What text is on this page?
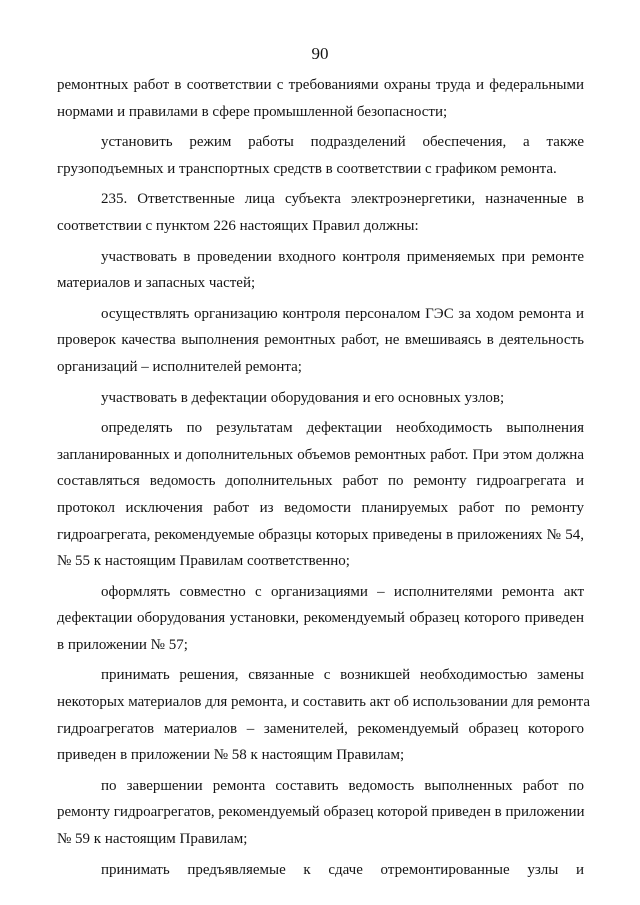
90
ремонтных работ в соответствии с требованиями охраны труда и федеральными
нормами и правилами в сфере промышленной безопасности;
установить режим работы подразделений обеспечения, а также
грузоподъемных и транспортных средств в соответствии с графиком ремонта.
235. Ответственные лица субъекта электроэнергетики, назначенные в
соответствии с пунктом 226 настоящих Правил должны:
участвовать в проведении входного контроля применяемых при ремонте
материалов и запасных частей;
осуществлять организацию контроля персоналом ГЭС за ходом ремонта и
проверок качества выполнения ремонтных работ, не вмешиваясь в деятельность
организаций – исполнителей ремонта;
участвовать в дефектации оборудования и его основных узлов;
определять по результатам дефектации необходимость выполнения
запланированных и дополнительных объемов ремонтных работ. При этом должна
составляться ведомость дополнительных работ по ремонту гидроагрегата и
протокол исключения работ из ведомости планируемых работ по ремонту
гидроагрегата, рекомендуемые образцы которых приведены в приложениях № 54,
№ 55 к настоящим Правилам соответственно;
оформлять совместно с организациями – исполнителями ремонта акт
дефектации оборудования установки, рекомендуемый образец которого приведен
в приложении № 57;
принимать решения, связанные с возникшей необходимостью замены
некоторых материалов для ремонта, и составить акт об использовании для ремонта
гидроагрегатов материалов – заменителей, рекомендуемый образец которого
приведен в приложении № 58 к настоящим Правилам;
по завершении ремонта составить ведомость выполненных работ по
ремонту гидроагрегатов, рекомендуемый образец которой приведен в приложении
№ 59 к настоящим Правилам;
принимать предъявляемые к сдаче отремонтированные узлы и
